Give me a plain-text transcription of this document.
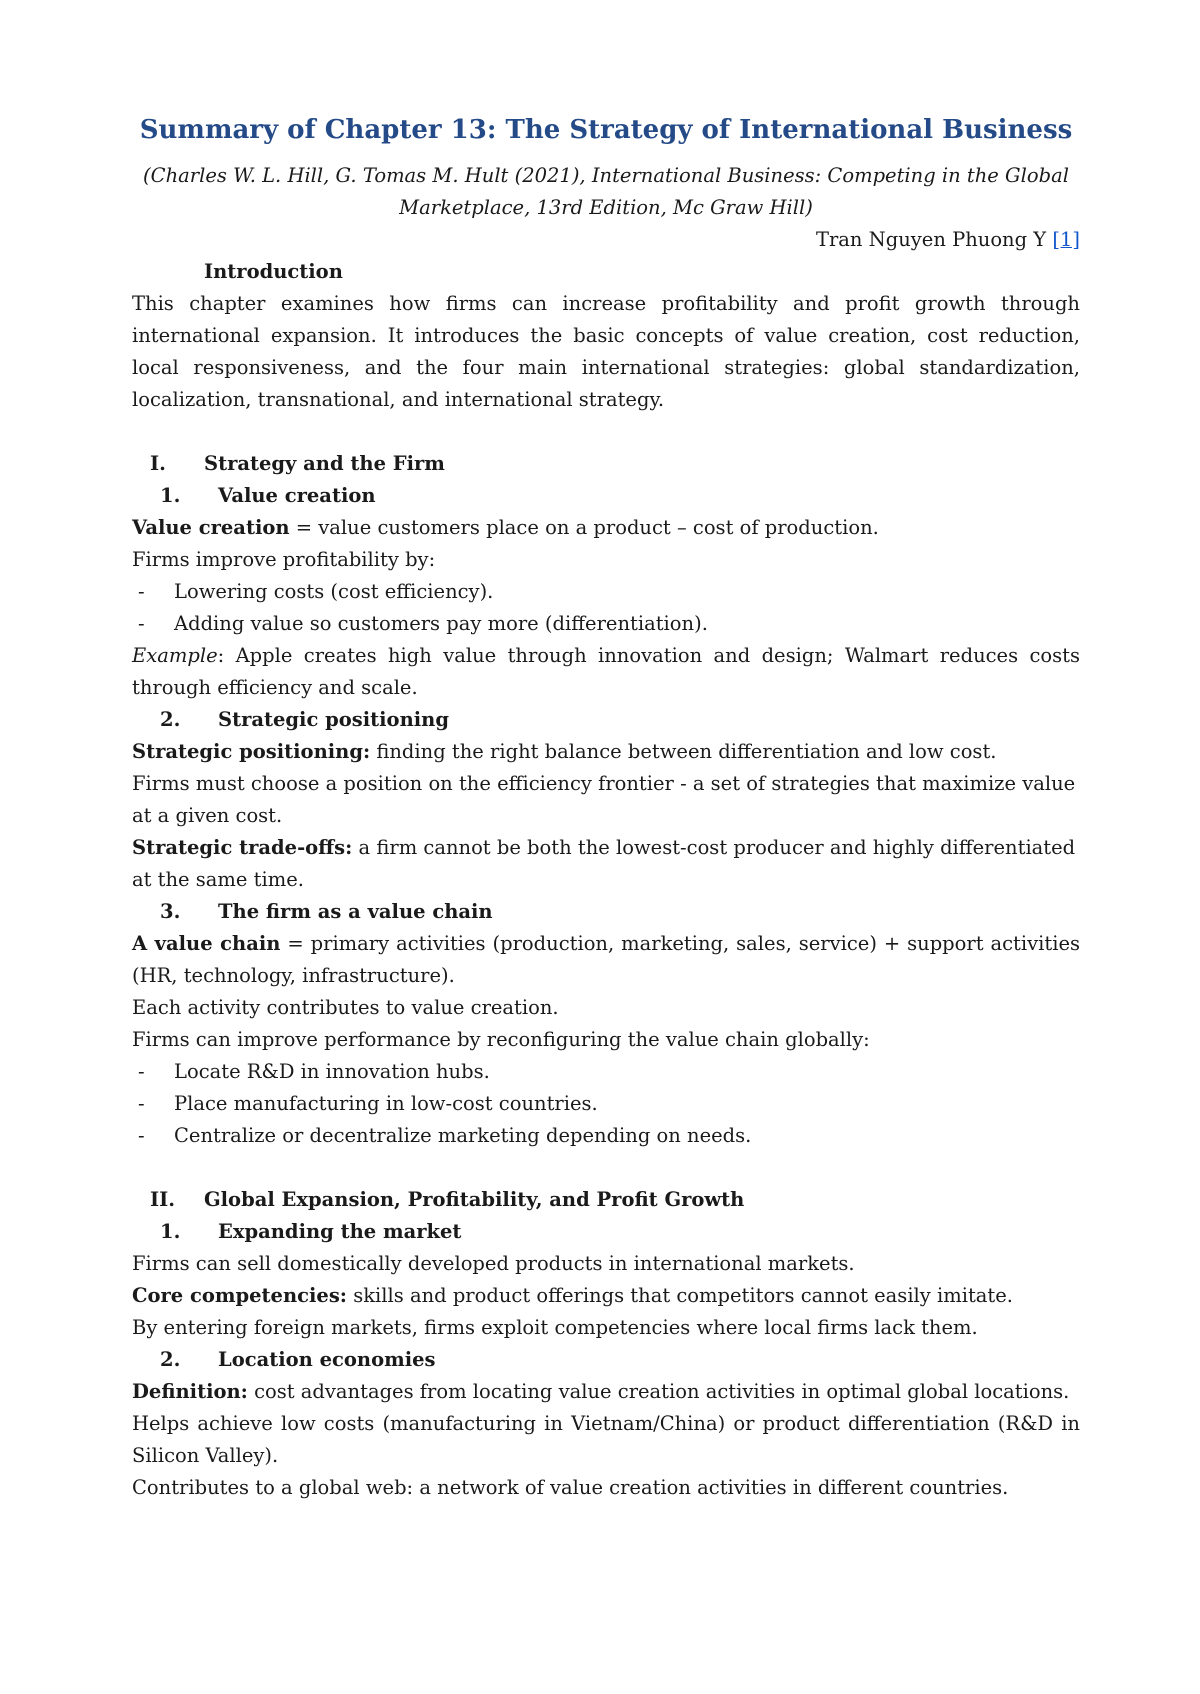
Summary of Chapter 13: The Strategy of International Business

(Charles W. L. Hill, G. Tomas M. Hult (2021), International Business: Competing in the Global
Marketplace, 13rd Edition, Mc Graw Hill)

Tran Nguyen Phuong Y [1]

Introduction

This chapter examines how firms can increase profitability and profit growth through international expansion. It introduces the basic concepts of value creation, cost reduction, local responsiveness, and the four main international strategies: global standardization, localization, transnational, and international strategy.

I.	Strategy and the Firm

1.	Value creation

Value creation = value customers place on a product – cost of production.

Firms improve profitability by:

-	Lowering costs (cost efficiency).

-	Adding value so customers pay more (differentiation).

Example: Apple creates high value through innovation and design; Walmart reduces costs through efficiency and scale.

2.	Strategic positioning

Strategic positioning: finding the right balance between differentiation and low cost.

Firms must choose a position on the efficiency frontier - a set of strategies that maximize value at a given cost.

Strategic trade-offs: a firm cannot be both the lowest-cost producer and highly differentiated at the same time.

3.	The firm as a value chain

A value chain = primary activities (production, marketing, sales, service) + support activities (HR, technology, infrastructure).

Each activity contributes to value creation.

Firms can improve performance by reconfiguring the value chain globally:

-	Locate R&D in innovation hubs.

-	Place manufacturing in low-cost countries.

-	Centralize or decentralize marketing depending on needs.

II.	Global Expansion, Profitability, and Profit Growth

1.	Expanding the market

Firms can sell domestically developed products in international markets.

Core competencies: skills and product offerings that competitors cannot easily imitate.

By entering foreign markets, firms exploit competencies where local firms lack them.

2.	Location economies

Definition: cost advantages from locating value creation activities in optimal global locations.

Helps achieve low costs (manufacturing in Vietnam/China) or product differentiation (R&D in Silicon Valley).

Contributes to a global web: a network of value creation activities in different countries.
